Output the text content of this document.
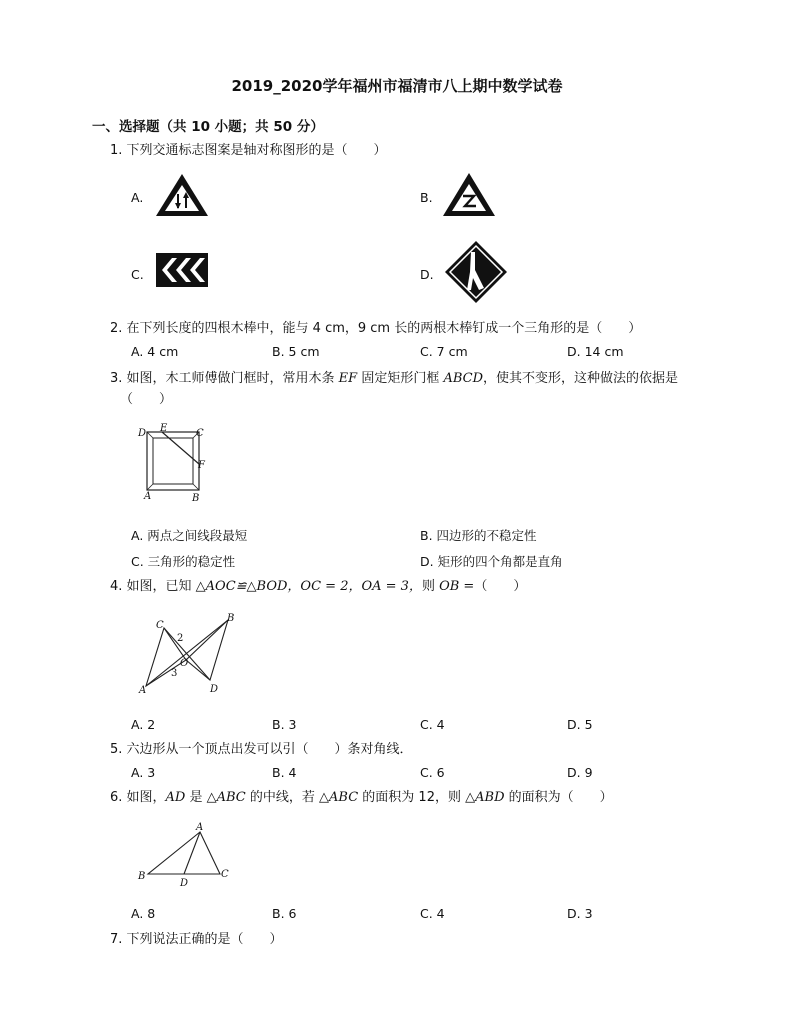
2019_2020学年福州市福清市八上期中数学试卷
一、选择题（共 10 小题；共 50 分）
1. 下列交通标志图案是轴对称图形的是（　　）
A.	B.
C.	D.
2. 在下列长度的四根木棒中，能与 4 cm，9 cm 长的两根木棒钉成一个三角形的是（　　）
A. 4 cm	B. 5 cm	C. 7 cm	D. 14 cm
3. 如图，木工师傅做门框时，常用木条 EF 固定矩形门框 ABCD，使其不变形，这种做法的依据是
（　　）
D E	C
F
A	B
A. 两点之间线段最短	B. 四边形的不稳定性
C. 三角形的稳定性	D. 矩形的四个角都是直角
4. 如图，已知 △AOC≌△BOD，OC = 2，OA = 3，则 OB =（　　）
C
B
O
A	D
2
3
A. 2	B. 3	C. 4	D. 5
5. 六边形从一个顶点出发可以引（　　）条对角线．
A. 3	B. 4	C. 6	D. 9
6. 如图，AD 是 △ABC 的中线，若 △ABC 的面积为 12，则 △ABD 的面积为（　　）
A
B	C
D
A. 8	B. 6	C. 4	D. 3
7. 下列说法正确的是（　　）
